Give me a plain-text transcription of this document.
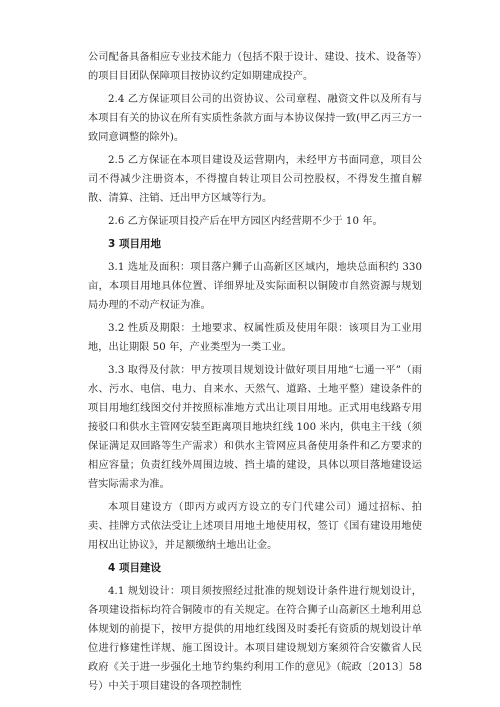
公司配备具备相应专业技术能力（包括不限于设计、建设、技术、设备等）的项目目团队保障项目按协议约定如期建成投产。

2.4 乙方保证项目公司的出资协议、公司章程、融资文件以及所有与本项目有关的协议在所有实质性条款方面与本协议保持一致(甲乙丙三方一致同意调整的除外)。

2.5 乙方保证在本项目建设及运营期内，未经甲方书面同意，项目公司不得减少注册资本，不得擅自转让项目公司控股权，不得发生擅自解散、清算、注销、迁出甲方区域等行为。

2.6 乙方保证项目投产后在甲方园区内经营期不少于 10 年。

3 项目用地

3.1 选址及面积：项目落户狮子山高新区区域内，地块总面积约 330 亩，本项目用地具体位置、详细界址及实际面积以铜陵市自然资源与规划局办理的不动产权证为准。

3.2 性质及期限：土地要求、权属性质及使用年限：该项目为工业用地，出让期限 50 年，产业类型为一类工业。

3.3 取得及付款：甲方按项目规划设计做好项目用地“七通一平”（雨水、污水、电信、电力、自来水、天然气、道路、土地平整）建设条件的项目用地红线图交付并按照标准地方式出让项目用地。正式用电线路专用接驳口和供水主管网安装至距离项目地块红线 100 米内，供电主干线（须保证满足双回路等生产需求）和供水主管网应具备使用条件和乙方要求的相应容量；负责红线外周围边坡、挡土墙的建设，具体以项目落地建设运营实际需求为准。

本项目建设方（即丙方或丙方设立的专门代建公司）通过招标、拍卖、挂牌方式依法受让上述项目用地土地使用权，签订《国有建设用地使用权出让协议》，并足额缴纳土地出让金。

4 项目建设

4.1 规划设计：项目须按照经过批准的规划设计条件进行规划设计，各项建设指标均符合铜陵市的有关规定。在符合狮子山高新区土地利用总体规划的前提下，按甲方提供的用地红线图及时委托有资质的规划设计单位进行修建性详规、施工图设计。本项目建设规划方案须符合安徽省人民政府《关于进一步强化土地节约集约利用工作的意见》（皖政〔2013〕58 号）中关于项目建设的各项控制性
